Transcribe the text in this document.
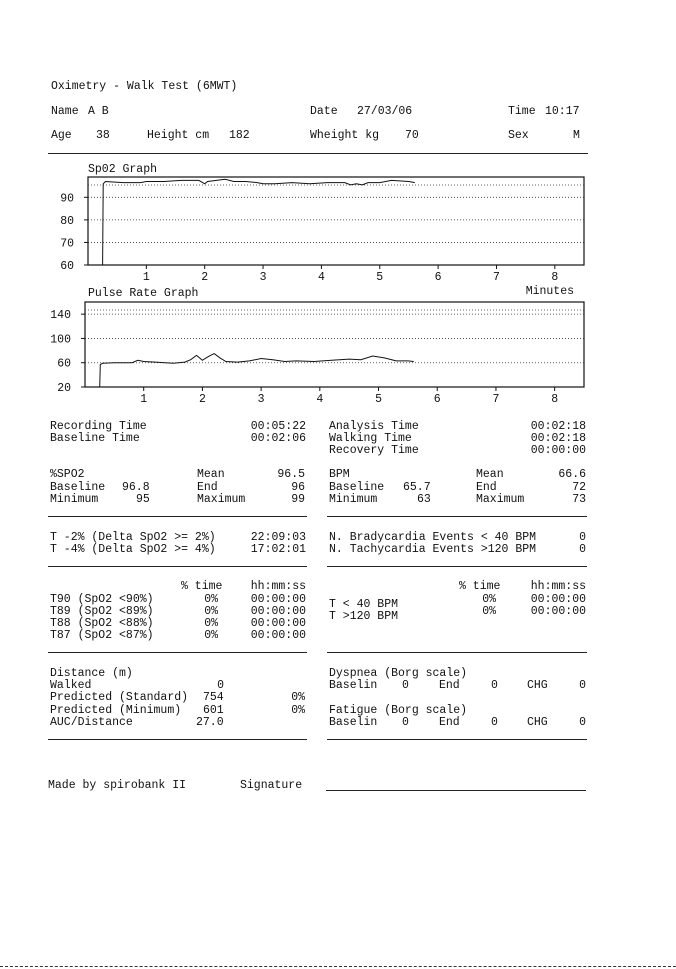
Oximetry - Walk Test (6MWT)
Name A B	Date 27/03/06	Time 10:17
Age 38	Height cm 182	Wheight kg 70	Sex	M
Sp02 Graph
Pulse Rate Graph	Minutes
90
80
70
60
1	2	3	4	5	6	7	8
140
100
60
20
1	2	3	4	5	6	7	8
Recording Time	00:05:22
Baseline Time	00:02:06
Analysis Time	00:02:18
Walking Time	00:02:18
Recovery Time	00:00:00
%SPO2	Mean	96.5
Baseline 96.8	End	96
Minimum	95	Maximum	99
BPM	Mean	66.6
Baseline 65.7	End	72
Minimum	63	Maximum	73
T -2% (Delta SpO2 >= 2%)	22:09:03
T -4% (Delta SpO2 >= 4%)	17:02:01
N. Bradycardia Events < 40 BPM	0
N. Tachycardia Events >120 BPM	0
% time	hh:mm:ss	% time	hh:mm:ss
T90 (SpO2 <90%)	0%	00:00:00
T89 (SpO2 <89%)	0%	00:00:00
T88 (SpO2 <88%)	0%	00:00:00
T87 (SpO2 <87%)	0%	00:00:00
T < 40 BPM	0%	00:00:00
T >120 BPM	0%	00:00:00
Distance (m)
Walked	0
Predicted (Standard) 754	0%
Predicted (Minimum) 601	0%
AUC/Distance	27.0
Dyspnea (Borg scale)
Baselin 0	End	0	CHG	0
Fatigue (Borg scale)
Baselin 0	End	0	CHG	0
Made by spirobank II	Signature
